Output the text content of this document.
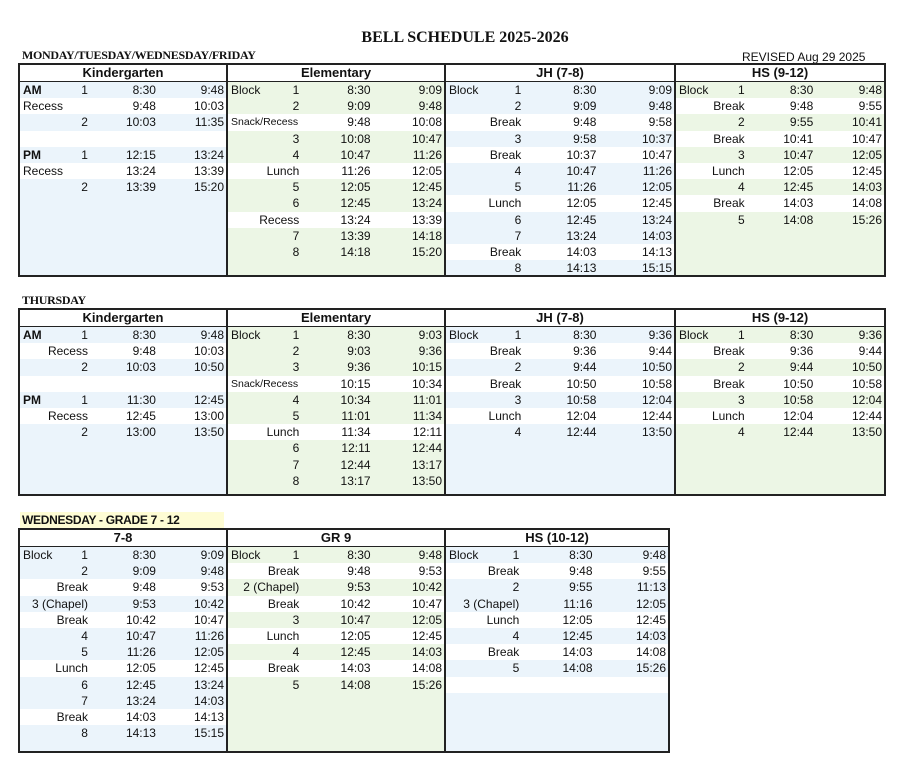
BELL SCHEDULE 2025-2026
REVISED Aug 29 2025
MONDAY/TUESDAY/WEDNESDAY/FRIDAY
Kindergarten
AM	1	8:30	9:48
Recess	9:48	10:03
2	10:03	11:35
PM	1	12:15	13:24
Recess	13:24	13:39
2	13:39	15:20
Elementary
Block	1	8:30	9:09
2	9:09	9:48
Snack/Recess	9:48	10:08
3	10:08	10:47
4	10:47	11:26
Lunch	11:26	12:05
5	12:05	12:45
6	12:45	13:24
Recess	13:24	13:39
7	13:39	14:18
8	14:18	15:20
JH (7-8)
Block	1	8:30	9:09
2	9:09	9:48
Break	9:48	9:58
3	9:58	10:37
Break	10:37	10:47
4	10:47	11:26
5	11:26	12:05
Lunch	12:05	12:45
6	12:45	13:24
7	13:24	14:03
Break	14:03	14:13
8	14:13	15:15
HS (9-12)
Block 1	8:30	9:48
Break	9:48	9:55
2	9:55	10:41
Break	10:41	10:47
3	10:47	12:05
Lunch	12:05	12:45
4	12:45	14:03
Break	14:03	14:08
5	14:08	15:26
THURSDAY
Kindergarten
AM	1	8:30	9:48
Recess	9:48	10:03
2	10:03	10:50
PM	1	11:30	12:45
Recess	12:45	13:00
2	13:00	13:50
Elementary
Block	1	8:30	9:03
2	9:03	9:36
3	9:36	10:15
Snack/Recess	10:15	10:34
4	10:34	11:01
5	11:01	11:34
Lunch	11:34	12:11
6	12:11	12:44
7	12:44	13:17
8	13:17	13:50
JH (7-8)
Block	1	8:30	9:36
Break	9:36	9:44
2	9:44	10:50
Break	10:50	10:58
3	10:58	12:04
Lunch	12:04	12:44
4	12:44	13:50
HS (9-12)
Block 1	8:30	9:36
Break	9:36	9:44
2	9:44	10:50
Break	10:50	10:58
3	10:58	12:04
Lunch	12:04	12:44
4	12:44	13:50
WEDNESDAY - GRADE 7 - 12
7-8
Block 1	8:30	9:09
2	9:09	9:48
Break	9:48	9:53
3 (Chapel)	9:53	10:42
Break	10:42	10:47
4	10:47	11:26
5	11:26	12:05
Lunch	12:05	12:45
6	12:45	13:24
7	13:24	14:03
Break	14:03	14:13
8	14:13	15:15
GR 9
Block	1	8:30	9:48
Break	9:48	9:53
2 (Chapel)	9:53	10:42
Break	10:42	10:47
3	10:47	12:05
Lunch	12:05	12:45
4	12:45	14:03
Break	14:03	14:08
5	14:08	15:26
HS (10-12)
Block	1	8:30	9:48
Break	9:48	9:55
2	9:55	11:13
3 (Chapel)	11:16	12:05
Lunch	12:05	12:45
4	12:45	14:03
Break	14:03	14:08
5	14:08	15:26
